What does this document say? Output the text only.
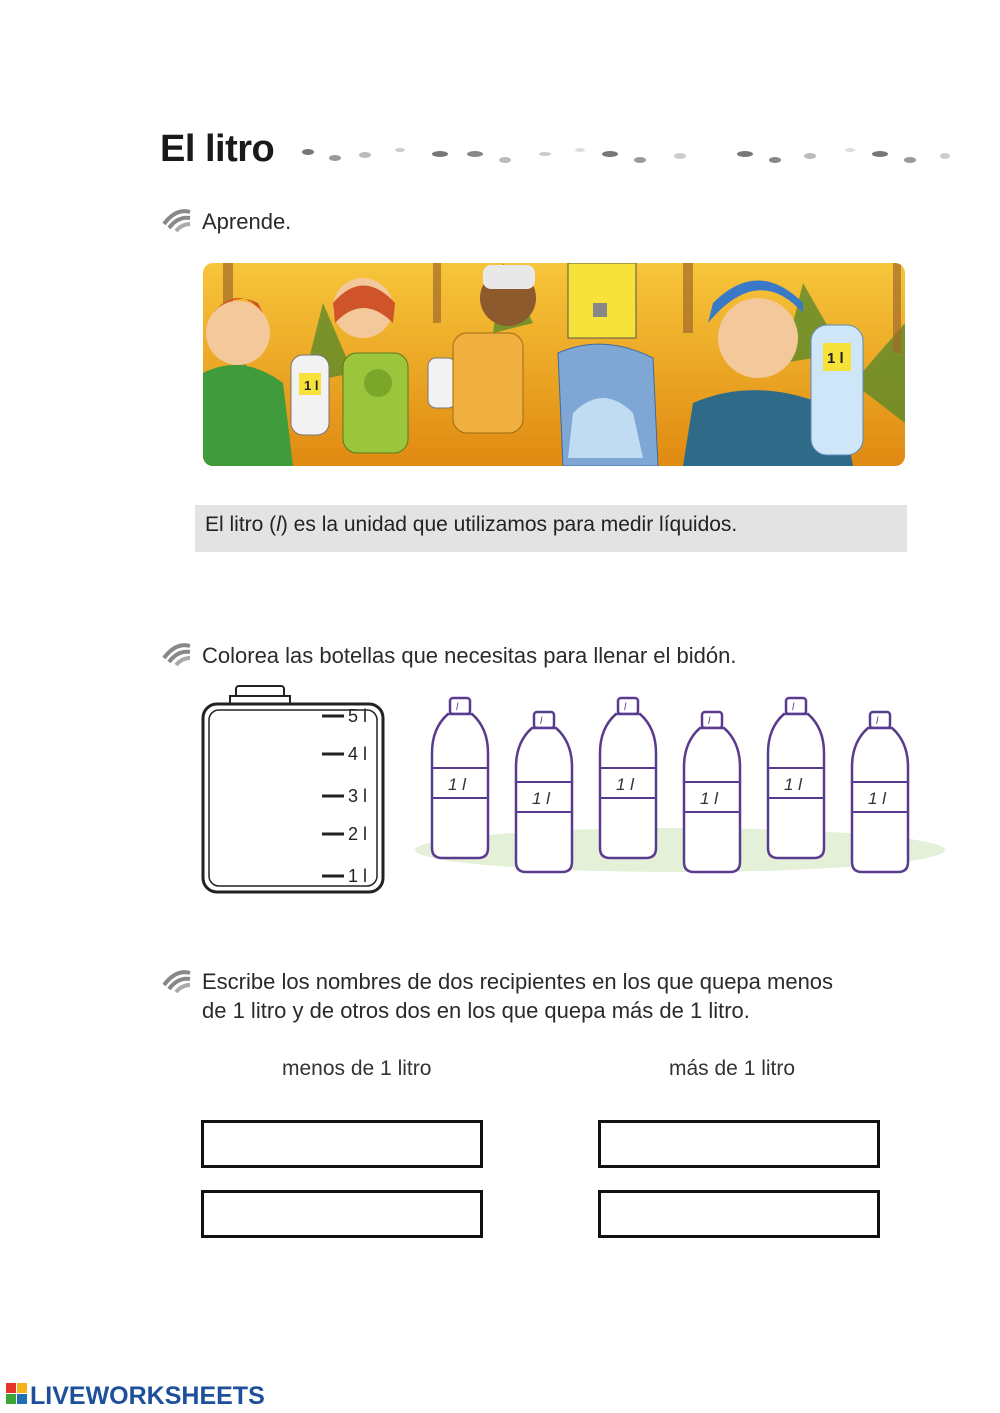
El litro
Aprende.
1 l
1 l
El litro (l) es la unidad que utilizamos para medir líquidos.
Colorea las botellas que necesitas para llenar el bidón.
5 l
4 l
3 l
2 l
1 l
l
1 l
l
1 l
l
1 l
l
1 l
l
1 l
l
1 l
Escribe los nombres de dos recipientes en los que quepa menos
de 1 litro y de otros dos en los que quepa más de 1 litro.
menos de 1 litro	más de 1 litro
LIVEWORKSHEETS
